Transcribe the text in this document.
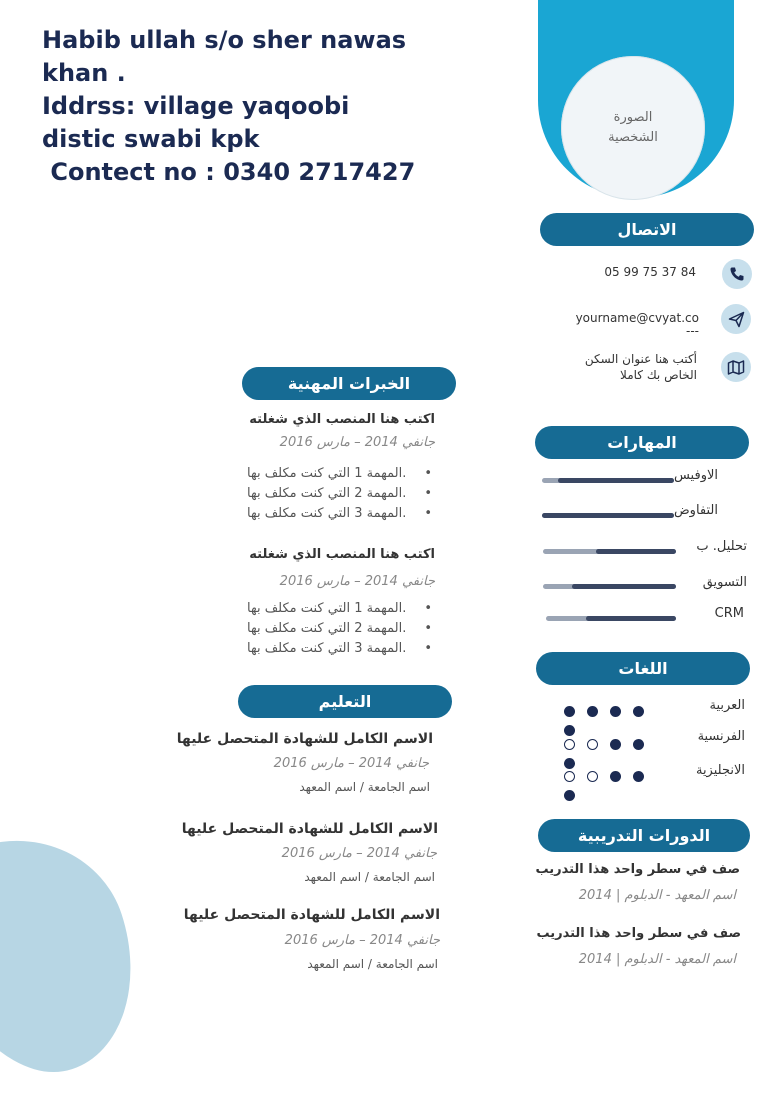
Habib ullah s/o sher nawas
khan .
Iddrss: village yaqoobi
distic swabi kpk
Contect no : 0340 2717427
الصورة
الشخصية
الاتصال
05 99 75 37 84
yourname@cvyat.co
---
أكتب هنا عنوان السكن
الخاص بك كاملا
المهارات
الاوفيس
التفاوض
تحليل. ب
التسويق
CRM
اللغات
العربية
الفرنسية
الانجليزية
الدورات التدريبية
صف في سطر واحد هذا التدريب
2014 | اسم المعهد - الدبلوم
صف في سطر واحد هذا التدريب
2014 | اسم المعهد - الدبلوم
الخبرات المهنية
اكتب هنا المنصب الذي شغلته
جانفي 2014 – مارس 2016
المهمة 1 التي كنت مكلف بها. •
المهمة 2 التي كنت مكلف بها. •
المهمة 3 التي كنت مكلف بها. •
اكتب هنا المنصب الذي شغلته
جانفي 2014 – مارس 2016
المهمة 1 التي كنت مكلف بها. •
المهمة 2 التي كنت مكلف بها. •
المهمة 3 التي كنت مكلف بها. •
التعليم
الاسم الكامل للشهادة المتحصل عليها
جانفي 2014 – مارس 2016
اسم الجامعة / اسم المعهد
الاسم الكامل للشهادة المتحصل عليها
جانفي 2014 – مارس 2016
اسم الجامعة / اسم المعهد
الاسم الكامل للشهادة المتحصل عليها
جانفي 2014 – مارس 2016
اسم الجامعة / اسم المعهد
